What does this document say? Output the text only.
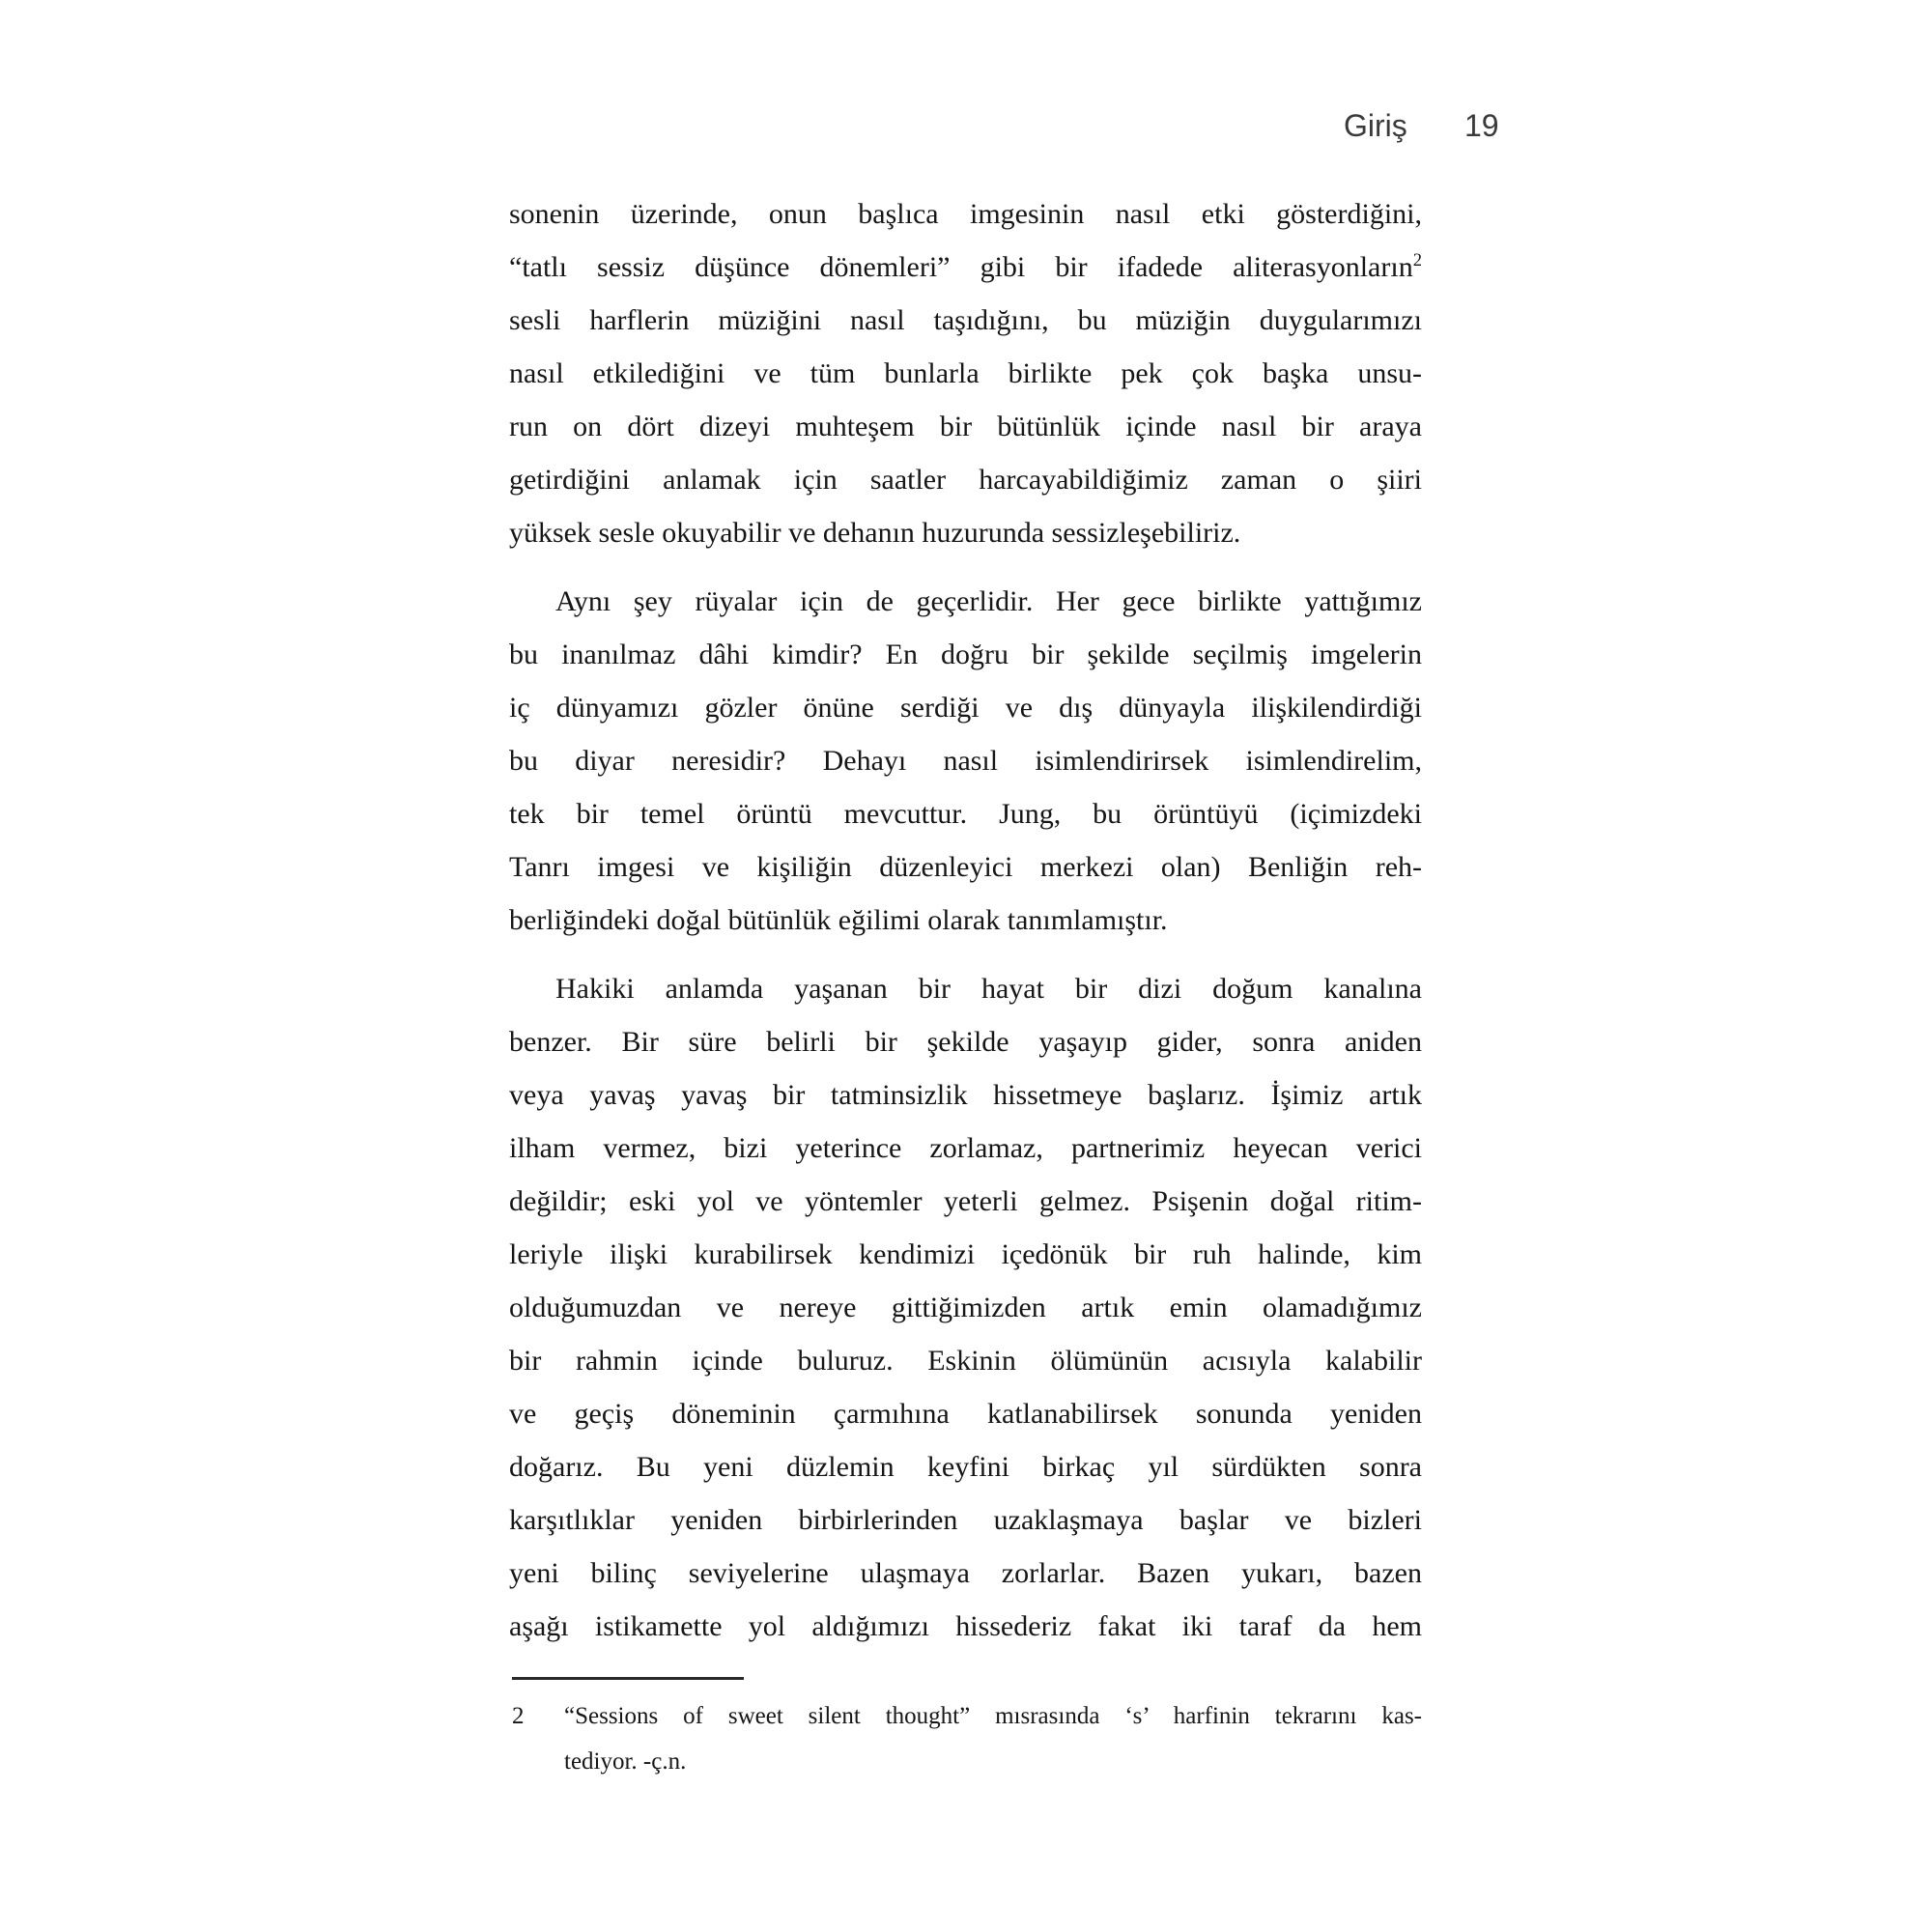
Giriş 19
sonenin üzerinde, onun başlıca imgesinin nasıl etki gösterdiğini,
“tatlı sessiz düşünce dönemleri” gibi bir ifadede aliterasyonların$^2$
sesli harflerin müziğini nasıl taşıdığını, bu müziğin duygularımızı
nasıl etkilediğini ve tüm bunlarla birlikte pek çok başka unsu-
run on dört dizeyi muhteşem bir bütünlük içinde nasıl bir araya
getirdiğini anlamak için saatler harcayabildiğimiz zaman o şiiri
yüksek sesle okuyabilir ve dehanın huzurunda sessizleşebiliriz.
Aynı şey rüyalar için de geçerlidir. Her gece birlikte yattığımız
bu inanılmaz dâhi kimdir? En doğru bir şekilde seçilmiş imgelerin
iç dünyamızı gözler önüne serdiği ve dış dünyayla ilişkilendirdiği
bu diyar neresidir? Dehayı nasıl isimlendirirsek isimlendirelim,
tek bir temel örüntü mevcuttur. Jung, bu örüntüyü (içimizdeki
Tanrı imgesi ve kişiliğin düzenleyici merkezi olan) Benliğin reh-
berliğindeki doğal bütünlük eğilimi olarak tanımlamıştır.
Hakiki anlamda yaşanan bir hayat bir dizi doğum kanalına
benzer. Bir süre belirli bir şekilde yaşayıp gider, sonra aniden
veya yavaş yavaş bir tatminsizlik hissetmeye başlarız. İşimiz artık
ilham vermez, bizi yeterince zorlamaz, partnerimiz heyecan verici
değildir; eski yol ve yöntemler yeterli gelmez. Psişenin doğal ritim-
leriyle ilişki kurabilirsek kendimizi içedönük bir ruh halinde, kim
olduğumuzdan ve nereye gittiğimizden artık emin olamadığımız
bir rahmin içinde buluruz. Eskinin ölümünün acısıyla kalabilir
ve geçiş döneminin çarmıhına katlanabilirsek sonunda yeniden
doğarız. Bu yeni düzlemin keyfini birkaç yıl sürdükten sonra
karşıtlıklar yeniden birbirlerinden uzaklaşmaya başlar ve bizleri
yeni bilinç seviyelerine ulaşmaya zorlarlar. Bazen yukarı, bazen
aşağı istikamette yol aldığımızı hissederiz fakat iki taraf da hem
2 “Sessions of sweet silent thought” mısrasında ‘s’ harfinin tekrarını kas-
tediyor. -ç.n.
